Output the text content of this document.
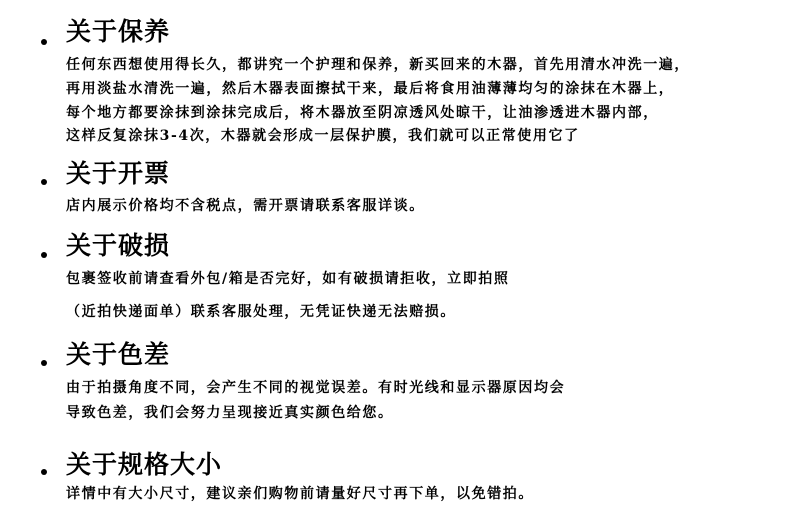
关于保养
任何东西想使用得长久，都讲究一个护理和保养，新买回来的木器，首先用清水冲洗一遍，
再用淡盐水清洗一遍，然后木器表面擦拭干来，最后将食用油薄薄均匀的涂抹在木器上，
每个地方都要涂抹到涂抹完成后，将木器放至阴凉透风处晾干，让油渗透进木器内部，
这样反复涂抹3-4次，木器就会形成一层保护膜，我们就可以正常使用它了
关于开票
店内展示价格均不含税点，需开票请联系客服详谈。
关于破损
包裹签收前请查看外包/箱是否完好，如有破损请拒收，立即拍照
（近拍快递面单）联系客服处理，无凭证快递无法赔损。
关于色差
由于拍摄角度不同，会产生不同的视觉误差。有时光线和显示器原因均会
导致色差，我们会努力呈现接近真实颜色给您。
关于规格大小
详情中有大小尺寸，建议亲们购物前请量好尺寸再下单，以免错拍。
